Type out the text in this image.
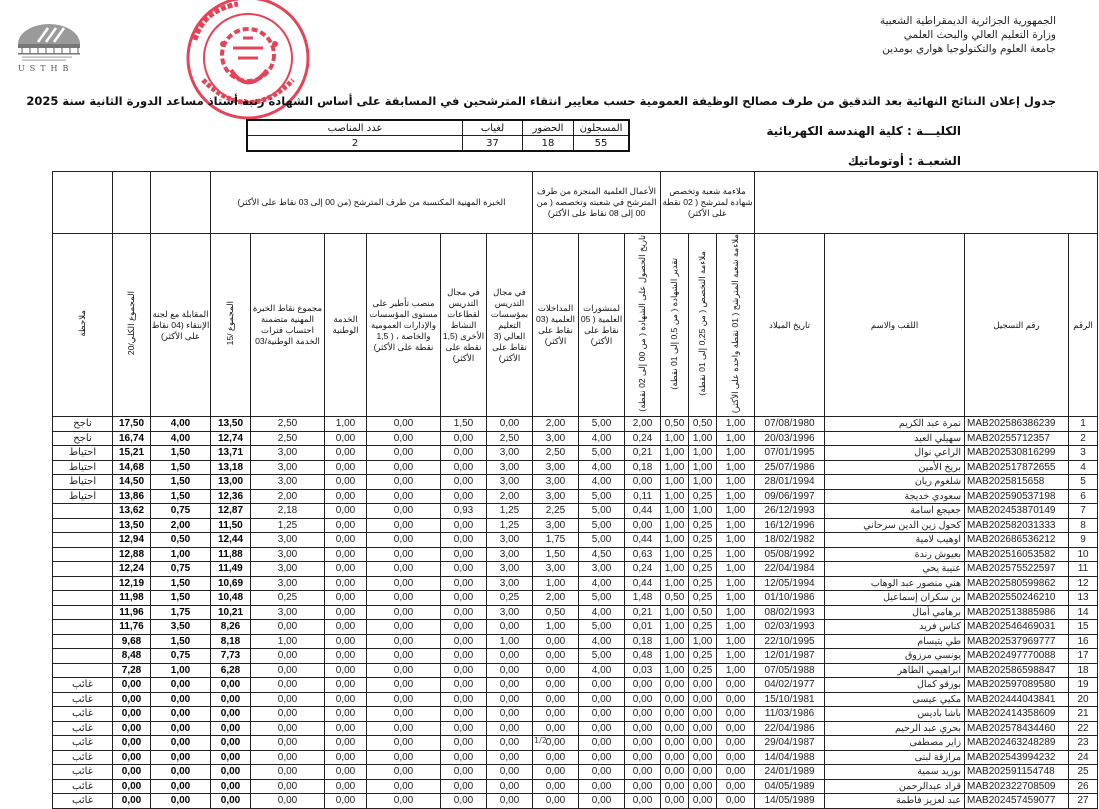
الجمهورية الجزائرية الديمقراطية الشعبية
وزارة التعليم العالي والبحث العلمي
جامعة العلوم والتكنولوجيا هواري بومدين
USTHB
جدول إعلان النتائج النهائية بعد التدقيق من طرف مصالح الوظيفة العمومية حسب معايير انتقاء المترشحين في المسابقة على أساس الشهادة رتبة أستاذ مساعد الدورة الثانية سنة 2025
الكليـــة : كلية الهندسة الكهربائية
الشعبـة : أوتوماتيك
المسجلون	الحضور	لغياب	عدد المناصب
55	18	37	2
				ملاءمة شعبة وتخصص شهادة لمترشح ( 02 نقطة على الأكثر)			الأعمال العلمية المنجزة من طرف المترشح في شعبته وتخصصه ( من 00 إلى 08 نقاط على الأكثر)			الخبرة المهنية المكتسبة من طرف المترشح (من 00 إلى 03 نقاط على الأكثر)								
الرقم	رقم التسجيل	اللقب والاسم	تاريخ الميلاد	ملاءمة شعبة المترشح ( 01 نقطة واحدة على الأكثر)	ملاءمة التخصص ( من 0,25 إلى 01 نقطة)	تقدير الشهادة ( من 0,5 إلى 01 نقطة)	تاريخ الحصول على الشهادة ( من 00 إلى 02 نقطة)	لمنشورات العلمية ( 05 نقاط على الأكثر)	المداخلات العلمية (03 نقاط على الأكثر)	في مجال التدريس بمؤسسات التعليم العالي (3 نقاط على الأكثر)	في مجال التدريس لقطاعات النشاط الأخرى (1,5 نقطة على الأكثر)	منصب تأطير على مستوى المؤسسات والإدارات العمومية والخاصة ، ( 1,5 نقطة على الأكثر)	الخدمة الوطنية	مجموع نقاط الخبرة المهنية متضمنة احتساب فترات الخدمة الوطنية/03	المجموع /15	المقابلة مع لجنة الإنتقاء (04 نقاط على الأكثر)	المجموع الكلي/20	ملاحظة
1	MAB202586386239	نمرة عبد الكريم	07/08/1980	1,00	0,50	0,50	2,00	5,00	2,00	0,00	1,50	0,00	1,00	2,50	13,50	4,00	17,50	ناجح
2	MAB20255712357	سهيلي العيد	20/03/1996	1,00	1,00	1,00	0,24	4,00	3,00	2,50	0,00	0,00	0,00	2,50	12,74	4,00	16,74	ناجح
3	MAB202530816299	الراعي نوال	07/01/1995	1,00	1,00	1,00	0,21	5,00	2,50	3,00	0,00	0,00	0,00	3,00	13,71	1,50	15,21	احتياط
4	MAB202517872655	بريخ الأمين	25/07/1986	1,00	1,00	1,00	0,18	4,00	3,00	3,00	0,00	0,00	0,00	3,00	13,18	1,50	14,68	احتياط
5	MAB2025815658	شلغوم ريان	28/01/1994	1,00	1,00	1,00	0,00	4,00	3,00	3,00	0,00	0,00	0,00	3,00	13,00	1,50	14,50	احتياط
6	MAB202590537198	سعودي خديجة	09/06/1997	1,00	0,25	1,00	0,11	5,00	3,00	2,00	0,00	0,00	0,00	2,00	12,36	1,50	13,86	احتياط
7	MAB202453870149	جعيجع اسامة	26/12/1993	1,00	1,00	1,00	0,44	5,00	2,25	1,25	0,93	0,00	0,00	2,18	12,87	0,75	13,62	
8	MAB202582031333	كحول زين الدين سرحاني	16/12/1996	1,00	0,25	1,00	0,00	5,00	3,00	1,25	0,00	0,00	0,00	1,25	11,50	2,00	13,50	
9	MAB202686536212	اوهيب لامية	18/02/1982	1,00	0,25	1,00	0,44	5,00	1,75	3,00	0,00	0,00	0,00	3,00	12,44	0,50	12,94	
10	MAB202516053582	بعيوش رندة	05/08/1992	1,00	0,25	1,00	0,63	4,50	1,50	3,00	0,00	0,00	0,00	3,00	11,88	1,00	12,88	
11	MAB202575522597	عنيبة يحي	22/04/1984	1,00	0,25	1,00	0,24	3,00	3,00	3,00	0,00	0,00	0,00	3,00	11,49	0,75	12,24	
12	MAB202580599862	هني منصور عبد الوهاب	12/05/1994	1,00	0,25	1,00	0,44	4,00	1,00	3,00	0,00	0,00	0,00	3,00	10,69	1,50	12,19	
13	MAB202550246210	بن سكران إسماعيل	01/10/1986	1,00	0,25	0,50	1,48	5,00	2,00	0,25	0,00	0,00	0,00	0,25	10,48	1,50	11,98	
14	MAB202513885986	برهامي أمال	08/02/1993	1,00	0,50	1,00	0,21	4,00	0,50	3,00	0,00	0,00	0,00	3,00	10,21	1,75	11,96	
15	MAB202546469031	كناس فريد	02/03/1993	1,00	0,25	1,00	0,01	5,00	1,00	0,00	0,00	0,00	0,00	0,00	8,26	3,50	11,76	
16	MAB202537969777	طي بتيسام	22/10/1995	1,00	1,00	1,00	0,18	4,00	0,00	1,00	0,00	0,00	0,00	1,00	8,18	1,50	9,68	
17	MAB202497770088	يونسي مرزوق	12/01/1987	1,00	0,25	1,00	0,48	5,00	0,00	0,00	0,00	0,00	0,00	0,00	7,73	0,75	8,48	
18	MAB202586598847	ابراهيمي الطاهر	07/05/1988	1,00	0,25	1,00	0,03	4,00	0,00	0,00	0,00	0,00	0,00	0,00	6,28	1,00	7,28	
19	MAB202597089580	بوزقو كمال	04/02/1977	0,00	0,00	0,00	0,00	0,00	0,00	0,00	0,00	0,00	0,00	0,00	0,00	0,00	0,00	غائب
20	MAB202444043841	مكيي عيسى	15/10/1981	0,00	0,00	0,00	0,00	0,00	0,00	0,00	0,00	0,00	0,00	0,00	0,00	0,00	0,00	غائب
21	MAB202414358609	باشا باديس	11/03/1986	0,00	0,00	0,00	0,00	0,00	0,00	0,00	0,00	0,00	0,00	0,00	0,00	0,00	0,00	غائب
22	MAB202578434460	بحري عبد الرحيم	22/04/1986	0,00	0,00	0,00	0,00	0,00	0,00	0,00	0,00	0,00	0,00	0,00	0,00	0,00	0,00	غائب
23	MAB202463248289	زاير مصطفى	29/04/1987	0,00	0,00	0,00	0,00	0,00	0,00	0,00	0,00	0,00	0,00	0,00	0,00	0,00	0,00	غائب
24	MAB202543994232	مرازقة لبنى	14/04/1988	0,00	0,00	0,00	0,00	0,00	0,00	0,00	0,00	0,00	0,00	0,00	0,00	0,00	0,00	غائب
25	MAB202591154748	بوزيد سمية	24/01/1989	0,00	0,00	0,00	0,00	0,00	0,00	0,00	0,00	0,00	0,00	0,00	0,00	0,00	0,00	غائب
26	MAB202322708509	قراد عبدالرحمن	04/05/1989	0,00	0,00	0,00	0,00	0,00	0,00	0,00	0,00	0,00	0,00	0,00	0,00	0,00	0,00	غائب
27	MAB202457459077	عبد لعزيز فاطمة	14/05/1989	0,00	0,00	0,00	0,00	0,00	0,00	0,00	0,00	0,00	0,00	0,00	0,00	0,00	0,00	غائب
1/2
